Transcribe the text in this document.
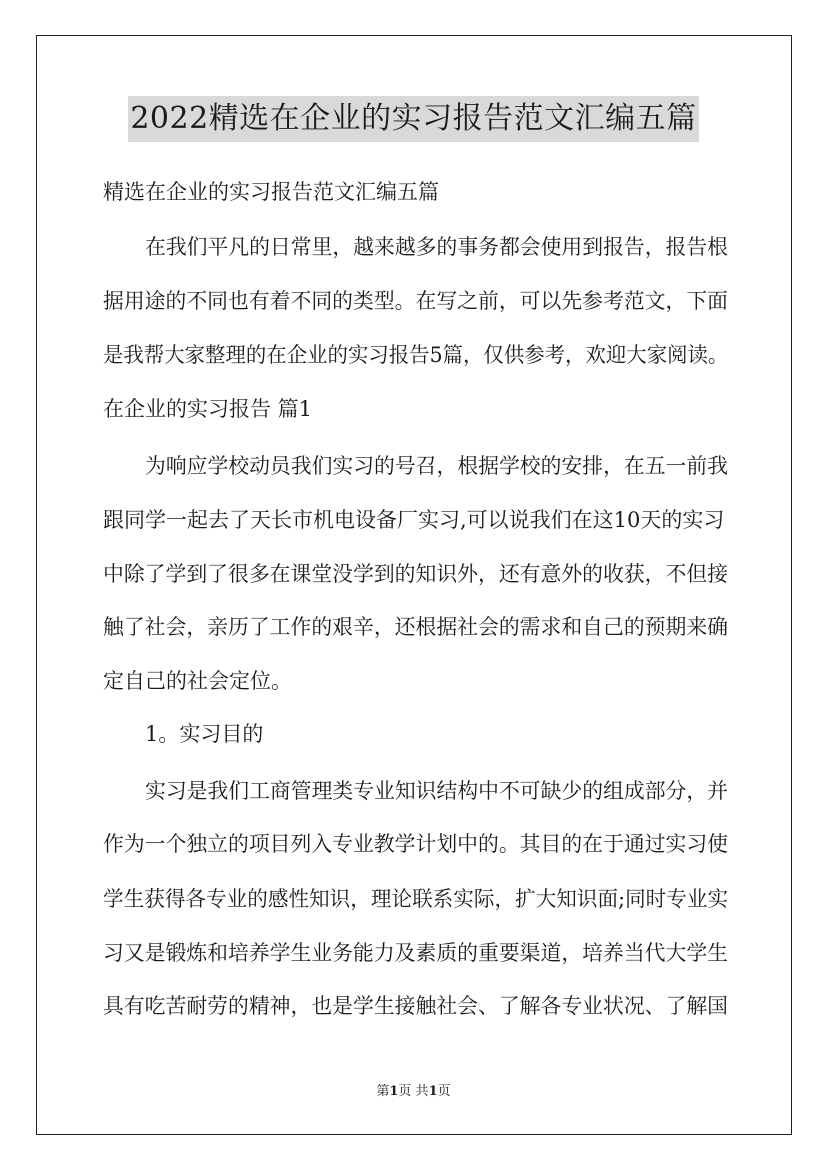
2022精选在企业的实习报告范文汇编五篇
精选在企业的实习报告范文汇编五篇
在我们平凡的日常里，越来越多的事务都会使用到报告，报告根
据用途的不同也有着不同的类型。在写之前，可以先参考范文，下面
是我帮大家整理的在企业的实习报告5篇，仅供参考，欢迎大家阅读。
在企业的实习报告 篇1
为响应学校动员我们实习的号召，根据学校的安排，在五一前我
跟同学一起去了天长市机电设备厂实习,可以说我们在这10天的实习
中除了学到了很多在课堂没学到的知识外，还有意外的收获，不但接
触了社会，亲历了工作的艰辛，还根据社会的需求和自己的预期来确
定自己的社会定位。
1。实习目的
实习是我们工商管理类专业知识结构中不可缺少的组成部分，并
作为一个独立的项目列入专业教学计划中的。其目的在于通过实习使
学生获得各专业的感性知识，理论联系实际，扩大知识面;同时专业实
习又是锻炼和培养学生业务能力及素质的重要渠道，培养当代大学生
具有吃苦耐劳的精神，也是学生接触社会、了解各专业状况、了解国
第1页 共1页
